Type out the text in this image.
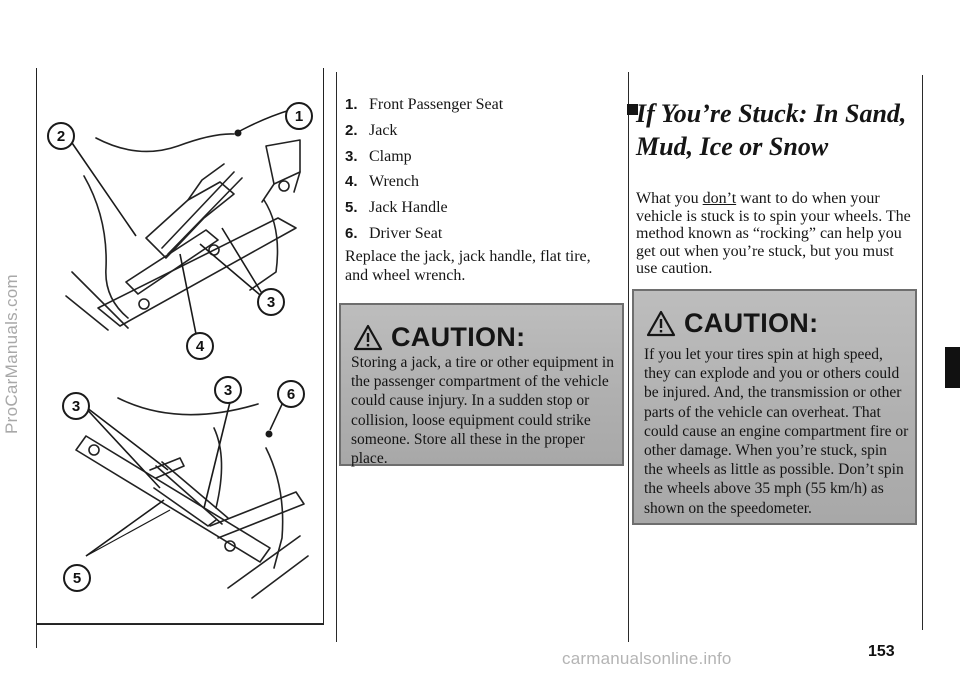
ProCarManuals.com
carmanualsonline.info
1
2
3
4
3
3	6
5
1. Front Passenger Seat
2. Jack
3. Clamp
4. Wrench
5. Jack Handle
6. Driver Seat

Replace the jack, jack handle, flat tire, and wheel wrench.

CAUTION:

Storing a jack, a tire or other equipment in the passenger compartment of the vehicle could cause injury. In a sudden stop or collision, loose equipment could strike someone. Store all these in the proper place.

If You’re Stuck: In Sand, Mud, Ice or Snow

What you don’t want to do when your vehicle is stuck is to spin your wheels. The method known as “rocking” can help you get out when you’re stuck, but you must use caution.

CAUTION:

If you let your tires spin at high speed, they can explode and you or others could be injured. And, the transmission or other parts of the vehicle can overheat. That could cause an engine compartment fire or other damage. When you’re stuck, spin the wheels as little as possible. Don’t spin the wheels above 35 mph (55 km/h) as shown on the speedometer.

153
